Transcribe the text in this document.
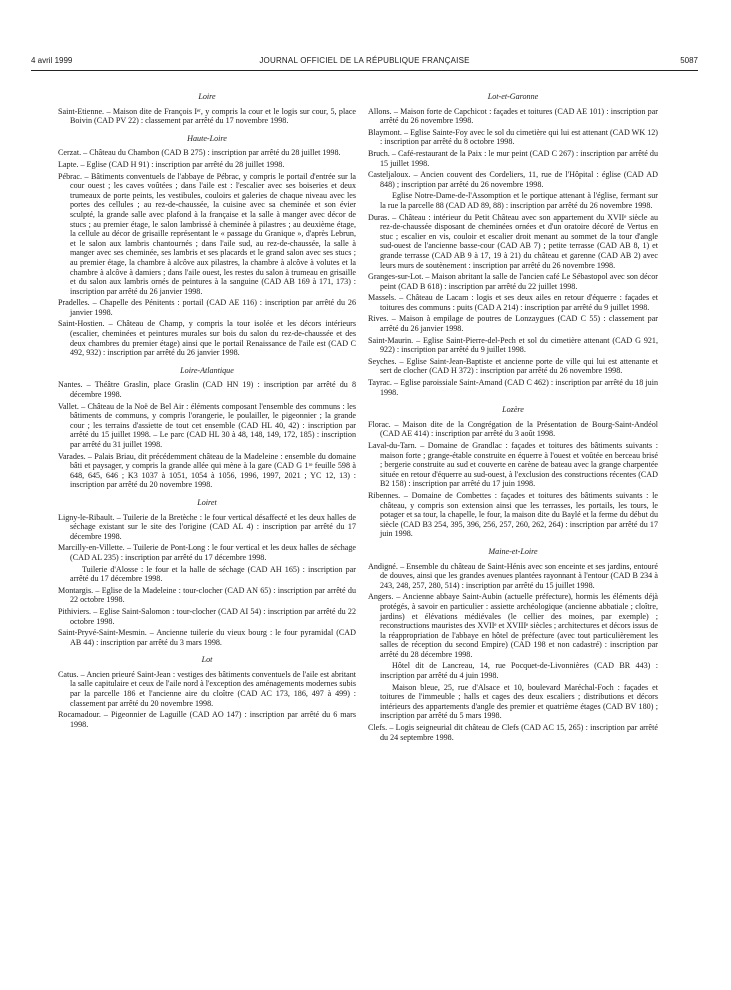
4 avril 1999	JOURNAL OFFICIEL DE LA RÉPUBLIQUE FRANÇAISE	5087
Loire
Saint-Etienne. – Maison dite de François Iᵉʳ, y compris la cour et le logis sur cour, 5, place Boivin (CAD PV 22) : classement par arrêté du 17 novembre 1998.
Haute-Loire
Cerzat. – Château du Chambon (CAD B 275) : inscription par arrêté du 28 juillet 1998.
Lapte. – Eglise (CAD H 91) : inscription par arrêté du 28 juillet 1998.
Pébrac. – Bâtiments conventuels de l'abbaye de Pébrac, y compris le portail d'entrée sur la cour ouest ; les caves voûtées ; dans l'aile est : l'escalier avec ses boiseries et deux trumeaux de porte peints, les vestibules, couloirs et galeries de chaque niveau avec les portes des cellules ; au rez-de-chaussée, la cuisine avec sa cheminée et son évier sculpté, la grande salle avec plafond à la française et la salle à manger avec décor de stucs ; au premier étage, le salon lambrissé à cheminée à pilastres ; au deuxième étage, la cellule au décor de grisaille représentant le « passage du Granique », d'après Lebrun, et le salon aux lambris chantournés ; dans l'aile sud, au rez-de-chaussée, la salle à manger avec ses cheminée, ses lambris et ses placards et le grand salon avec ses stucs ; au premier étage, la chambre à alcôve aux pilastres, la chambre à alcôve à volutes et la chambre à alcôve à damiers ; dans l'aile ouest, les restes du salon à trumeau en grisaille et du salon aux lambris ornés de peintures à la sanguine (CAD AB 169 à 171, 173) : inscription par arrêté du 26 janvier 1998.
Pradelles. – Chapelle des Pénitents : portail (CAD AE 116) : inscription par arrêté du 26 janvier 1998.
Saint-Hostien. – Château de Champ, y compris la tour isolée et les décors intérieurs (escalier, cheminées et peintures murales sur bois du salon du rez-de-chaussée et des deux chambres du premier étage) ainsi que le portail Renaissance de l'aile est (CAD C 492, 932) : inscription par arrêté du 26 janvier 1998.
Loire-Atlantique
Nantes. – Théâtre Graslin, place Graslin (CAD HN 19) : inscription par arrêté du 8 décembre 1998.
Vallet. – Château de la Noë de Bel Air : éléments composant l'ensemble des communs : les bâtiments de communs, y compris l'orangerie, le poulailler, le pigeonnier ; la grande cour ; les terrains d'assiette de tout cet ensemble (CAD HL 40, 42) : inscription par arrêté du 15 juillet 1998. – Le parc (CAD HL 30 à 48, 148, 149, 172, 185) : inscription par arrêté du 31 juillet 1998.
Varades. – Palais Briau, dit précédemment château de la Madeleine : ensemble du domaine bâti et paysager, y compris la grande allée qui mène à la gare (CAD G 1ʳᵉ feuille 598 à 648, 645, 646 ; K3 1037 à 1051, 1054 à 1056, 1996, 1997, 2021 ; YC 12, 13) : inscription par arrêté du 20 novembre 1998.
Loiret
Ligny-le-Ribault. – Tuilerie de la Bretèche : le four vertical désaffecté et les deux halles de séchage existant sur le site des l'origine (CAD AL 4) : inscription par arrêté du 17 décembre 1998.
Marcilly-en-Villette. – Tuilerie de Pont-Long : le four vertical et les deux halles de séchage (CAD AL 235) : inscription par arrêté du 17 décembre 1998.
Tuilerie d'Alosse : le four et la halle de séchage (CAD AH 165) : inscription par arrêté du 17 décembre 1998.
Montargis. – Eglise de la Madeleine : tour-clocher (CAD AN 65) : inscription par arrêté du 22 octobre 1998.
Pithiviers. – Eglise Saint-Salomon : tour-clocher (CAD AI 54) : inscription par arrêté du 22 octobre 1998.
Saint-Pryvé-Saint-Mesmin. – Ancienne tuilerie du vieux bourg : le four pyramidal (CAD AB 44) : inscription par arrêté du 3 mars 1998.
Lot
Catus. – Ancien prieuré Saint-Jean : vestiges des bâtiments conventuels de l'aile est abritant la salle capitulaire et ceux de l'aile nord à l'exception des aménagements modernes subis par la parcelle 186 et l'ancienne aire du cloître (CAD AC 173, 186, 497 à 499) : classement par arrêté du 20 novembre 1998.
Rocamadour. – Pigeonnier de Laguille (CAD AO 147) : inscription par arrêté du 6 mars 1998.
Lot-et-Garonne
Allons. – Maison forte de Capchicot : façades et toitures (CAD AE 101) : inscription par arrêté du 26 novembre 1998.
Blaymont. – Eglise Sainte-Foy avec le sol du cimetière qui lui est attenant (CAD WK 12) : inscription par arrêté du 8 octobre 1998.
Bruch. – Café-restaurant de la Paix : le mur peint (CAD C 267) : inscription par arrêté du 15 juillet 1998.
Casteljaloux. – Ancien couvent des Cordeliers, 11, rue de l'Hôpital : église (CAD AD 848) ; inscription par arrêté du 26 novembre 1998.
Eglise Notre-Dame-de-l'Assomption et le portique attenant à l'église, fermant sur la rue la parcelle 88 (CAD AD 89, 88) : inscription par arrêté du 26 novembre 1998.
Duras. – Château : intérieur du Petit Château avec son appartement du XVIIᵉ siècle au rez-de-chaussée disposant de cheminées ornées et d'un oratoire décoré de Vertus en stuc ; escalier en vis, couloir et escalier droit menant au sommet de la tour d'angle sud-ouest de l'ancienne basse-cour (CAD AB 7) ; petite terrasse (CAD AB 8, 1) et grande terrasse (CAD AB 9 à 17, 19 à 21) du château et garenne (CAD AB 2) avec leurs murs de soutènement : inscription par arrêté du 26 novembre 1998.
Granges-sur-Lot. – Maison abritant la salle de l'ancien café Le Sébastopol avec son décor peint (CAD B 618) : inscription par arrêté du 22 juillet 1998.
Massels. – Château de Lacam : logis et ses deux ailes en retour d'équerre : façades et toitures des communs : puits (CAD A 214) : inscription par arrêté du 9 juillet 1998.
Rives. – Maison à empilage de poutres de Lonzaygues (CAD C 55) : classement par arrêté du 26 janvier 1998.
Saint-Maurin. – Eglise Saint-Pierre-del-Pech et sol du cimetière attenant (CAD G 921, 922) : inscription par arrêté du 9 juillet 1998.
Seyches. – Eglise Saint-Jean-Baptiste et ancienne porte de ville qui lui est attenante et sert de clocher (CAD H 372) : inscription par arrêté du 26 novembre 1998.
Tayrac. – Eglise paroissiale Saint-Amand (CAD C 462) : inscription par arrêté du 18 juin 1998.
Lozère
Florac. – Maison dite de la Congrégation de la Présentation de Bourg-Saint-Andéol (CAD AE 414) : inscription par arrêté du 3 août 1998.
Laval-du-Tarn. – Domaine de Grandlac : façades et toitures des bâtiments suivants : maison forte ; grange-étable construite en équerre à l'ouest et voûtée en berceau brisé ; bergerie construite au sud et couverte en carène de bateau avec la grange charpentée située en retour d'équerre au sud-ouest, à l'exclusion des constructions récentes (CAD B2 158) : inscription par arrêté du 17 juin 1998.
Ribennes. – Domaine de Combettes : façades et toitures des bâtiments suivants : le château, y compris son extension ainsi que les terrasses, les portails, les tours, le potager et sa tour, la chapelle, le four, la maison dite du Baylé et la ferme du début du siècle (CAD B3 254, 395, 396, 256, 257, 260, 262, 264) : inscription par arrêté du 17 juin 1998.
Maine-et-Loire
Andigné. – Ensemble du château de Saint-Hénis avec son enceinte et ses jardins, entouré de douves, ainsi que les grandes avenues plantées rayonnant à l'entour (CAD B 234 à 243, 248, 257, 280, 514) : inscription par arrêté du 15 juillet 1998.
Angers. – Ancienne abbaye Saint-Aubin (actuelle préfecture), hormis les éléments déjà protégés, à savoir en particulier : assiette archéologique (ancienne abbatiale ; cloître, jardins) et élévations médiévales (le cellier des moines, par exemple) ; reconstructions mauristes des XVIIᵉ et XVIIIᵉ siècles ; architectures et décors issus de la réappropriation de l'abbaye en hôtel de préfecture (avec tout particulièrement les salles de réception du second Empire) (CAD 198 et non cadastré) : inscription par arrêté du 28 décembre 1998.
Hôtel dit de Lancreau, 14, rue Pocquet-de-Livonnières (CAD BR 443) : inscription par arrêté du 4 juin 1998.
Maison bleue, 25, rue d'Alsace et 10, boulevard Maréchal-Foch : façades et toitures de l'immeuble ; halls et cages des deux escaliers ; distributions et décors intérieurs des appartements d'angle des premier et quatrième étages (CAD BV 180) ; inscription par arrêté du 5 mars 1998.
Clefs. – Logis seigneurial dit château de Clefs (CAD AC 15, 265) : inscription par arrêté du 24 septembre 1998.
